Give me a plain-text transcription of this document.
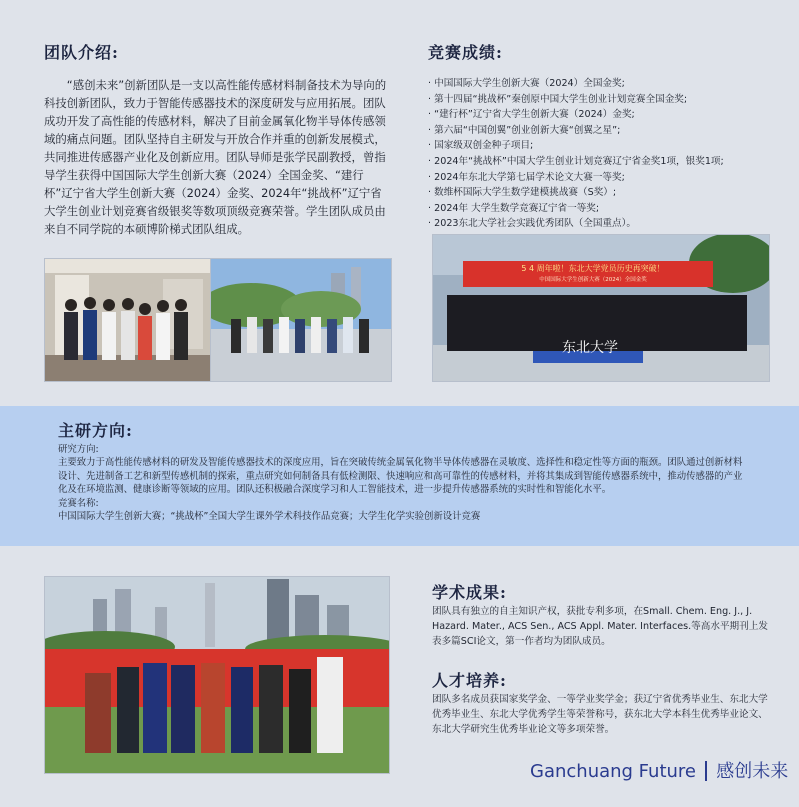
团队介绍:
“感创未来”创新团队是一支以高性能传感材料制备技术为导向的科技创新团队，致力于智能传感器技术的深度研发与应用拓展。团队成功开发了高性能的传感材料，解决了目前金属氧化物半导体传感领域的痛点问题。团队坚持自主研发与开放合作并重的创新发展模式，共同推进传感器产业化及创新应用。团队导师是张学民副教授，曾指导学生获得中国国际大学生创新大赛（2024）全国金奖、“建行杯”辽宁省大学生创新大赛（2024）金奖、2024年“挑战杯”辽宁省大学生创业计划竞赛省级银奖等数项顶级竞赛荣誉。学生团队成员由来自不同学院的本硕博阶梯式团队组成。
竞赛成绩:
· 中国国际大学生创新大赛（2024）全国金奖;
· 第十四届“挑战杯”秦创原中国大学生创业计划竞赛全国金奖;
· “建行杯”辽宁省大学生创新大赛（2024）金奖;
· 第六届“中国创翼”创业创新大赛“创翼之星”;
· 国家级双创金种子项目;
· 2024年“挑战杯”中国大学生创业计划竞赛辽宁省金奖1项，银奖1项;
· 2024年东北大学第七届学术论文大赛一等奖;
· 数维杯国际大学生数学建模挑战赛（S奖）;
· 2024年 大学生数学竞赛辽宁省一等奖;
· 2023东北大学社会实践优秀团队（全国重点）。
5 4 周年啦！东北大学党员历史再突破！
中国国际大学生创新大赛（2024）全国金奖
东北大学
主研方向:
研究方向:
主要致力于高性能传感材料的研发及智能传感器技术的深度应用，旨在突破传统金属氧化物半导体传感器在灵敏度、选择性和稳定性等方面的瓶颈。团队通过创新材料设计、先进制备工艺和新型传感机制的探索，重点研究如何制备具有低检测限、快速响应和高可靠性的传感材料，并将其集成到智能传感器系统中，推动传感器的产业化及在环境监测、健康诊断等领域的应用。团队还积极融合深度学习和人工智能技术，进一步提升传感器系统的实时性和智能化水平。
竞赛名称:
中国国际大学生创新大赛；“挑战杯”全国大学生课外学术科技作品竞赛；大学生化学实验创新设计竞赛
学术成果:
团队具有独立的自主知识产权，获批专利多项，在Small. Chem. Eng. J., J. Hazard. Mater., ACS Sen., ACS Appl. Mater. Interfaces.等高水平期刊上发表多篇SCI论文，第一作者均为团队成员。
人才培养:
团队多名成员获国家奖学金、一等学业奖学金；获辽宁省优秀毕业生、东北大学优秀毕业生、东北大学优秀学生等荣誉称号，获东北大学本科生优秀毕业论文、东北大学研究生优秀毕业论文等多项荣誉。
Ganchuang Future 感创未来
